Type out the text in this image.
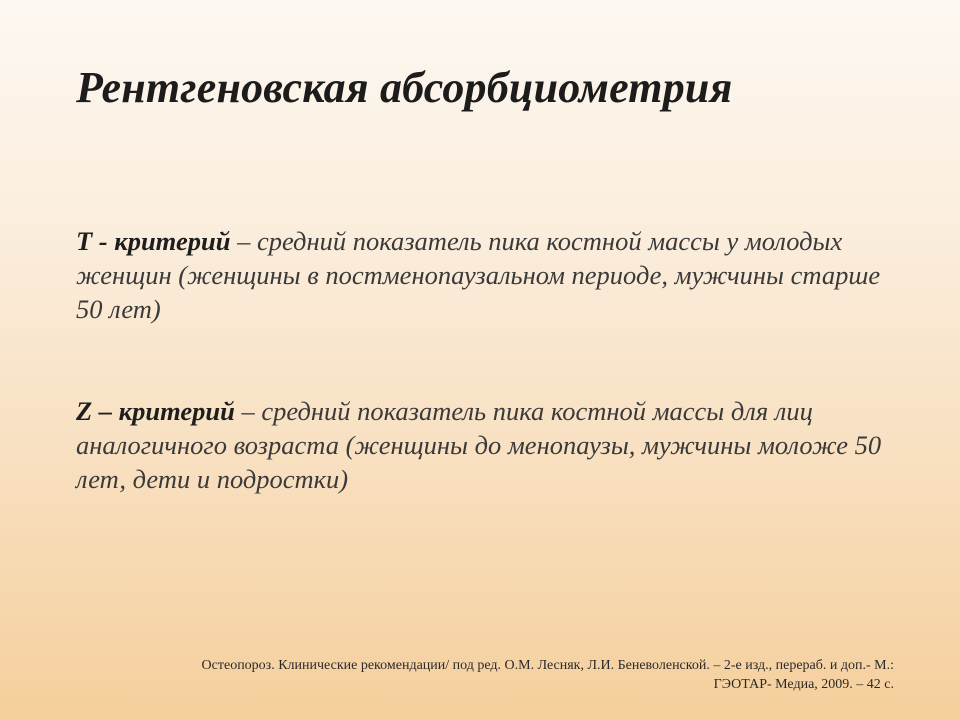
Рентгеновская абсорбциометрия

Т - критерий – средний показатель пика костной массы у молодых женщин (женщины в постменопаузальном периоде, мужчины старше 50 лет)

Z – критерий – средний показатель пика костной массы для лиц аналогичного возраста (женщины до менопаузы, мужчины моложе 50 лет, дети и подростки)

Остеопороз. Клинические рекомендации/ под ред. О.М. Лесняк, Л.И. Беневоленской. – 2-е изд., перераб. и доп.- М.:
ГЭОТАР- Медиа, 2009. – 42 с.
